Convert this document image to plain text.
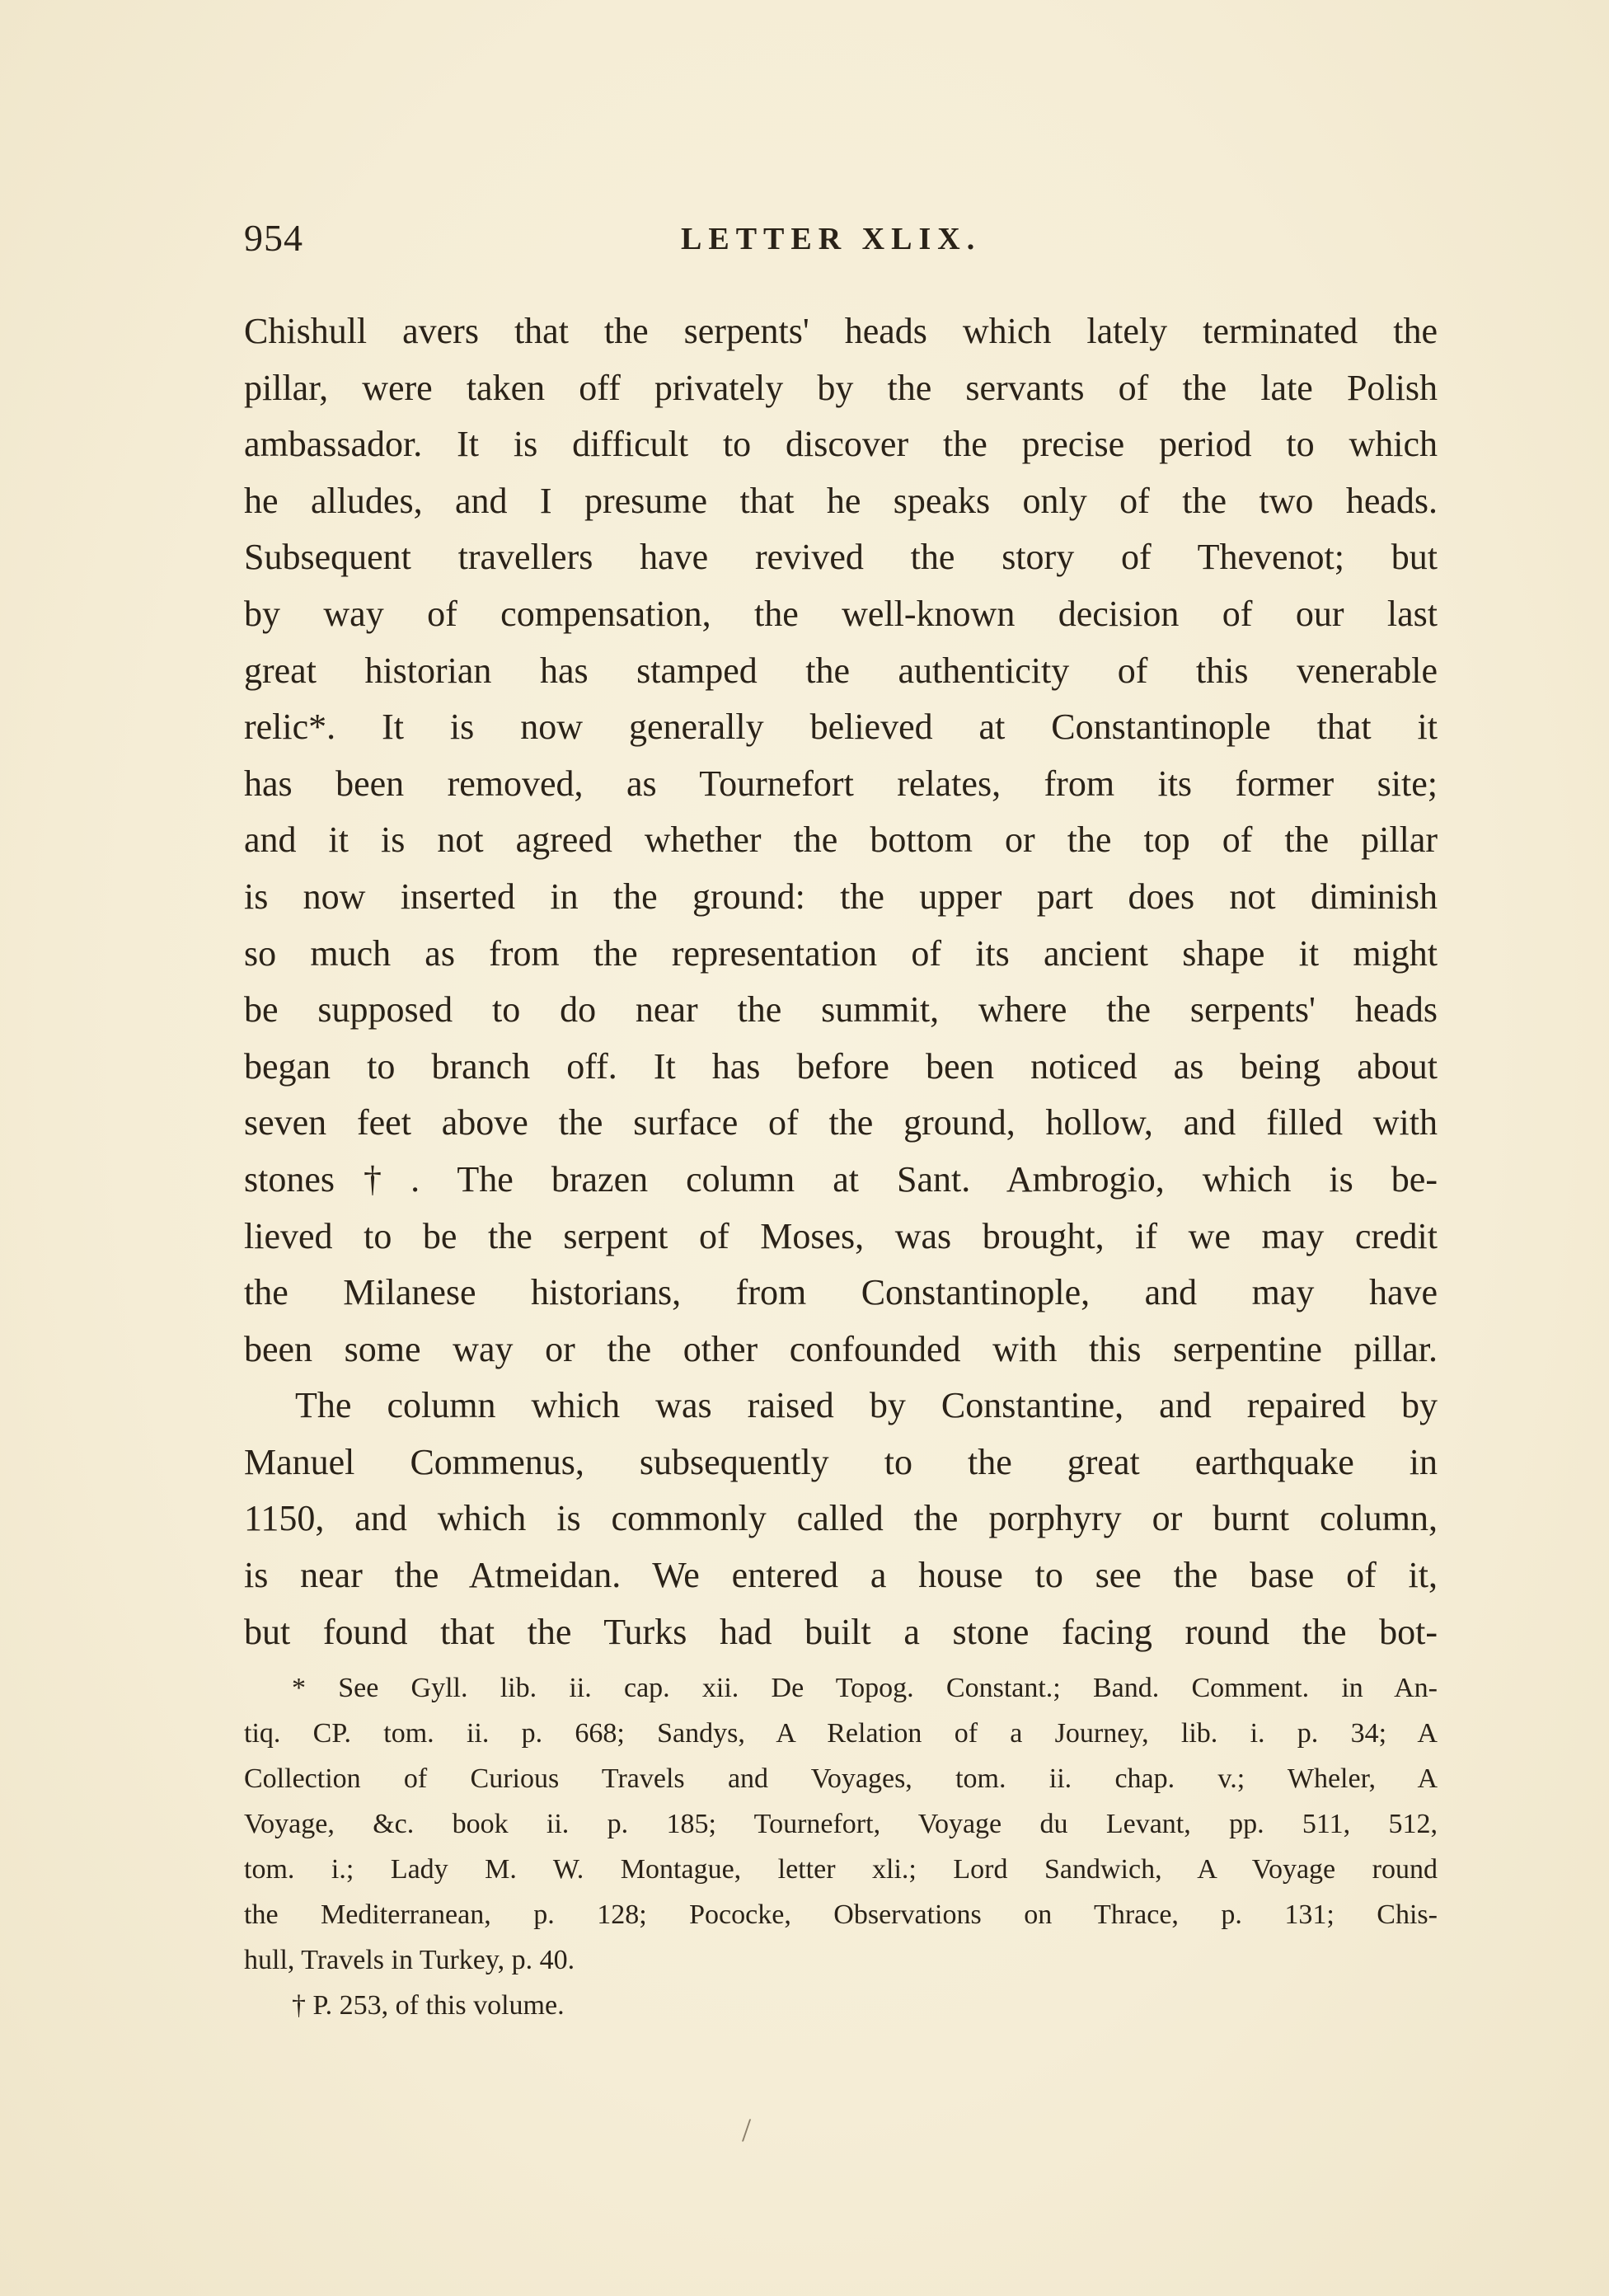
954	LETTER XLIX.
Chishull avers that the serpents' heads which lately terminated the
pillar, were taken off privately by the servants of the late Polish
ambassador. It is difficult to discover the precise period to which
he alludes, and I presume that he speaks only of the two heads.
Subsequent travellers have revived the story of Thevenot; but
by way of compensation, the well-known decision of our last
great historian has stamped the authenticity of this venerable
relic*. It is now generally believed at Constantinople that it
has been removed, as Tournefort relates, from its former site;
and it is not agreed whether the bottom or the top of the pillar
is now inserted in the ground: the upper part does not diminish
so much as from the representation of its ancient shape it might
be supposed to do near the summit, where the serpents' heads
began to branch off. It has before been noticed as being about
seven feet above the surface of the ground, hollow, and filled with
stones†. The brazen column at Sant. Ambrogio, which is be-
lieved to be the serpent of Moses, was brought, if we may credit
the Milanese historians, from Constantinople, and may have
been some way or the other confounded with this serpentine pillar.
The column which was raised by Constantine, and repaired by
Manuel Commenus, subsequently to the great earthquake in
1150, and which is commonly called the porphyry or burnt column,
is near the Atmeidan. We entered a house to see the base of it,
but found that the Turks had built a stone facing round the bot-
* See Gyll. lib. ii. cap. xii. De Topog. Constant.; Band. Comment. in An-
tiq. CP. tom. ii. p. 668; Sandys, A Relation of a Journey, lib. i. p. 34; A
Collection of Curious Travels and Voyages, tom. ii. chap. v.; Wheler, A
Voyage, &c. book ii. p. 185; Tournefort, Voyage du Levant, pp. 511, 512,
tom. i.; Lady M. W. Montague, letter xli.; Lord Sandwich, A Voyage round
the Mediterranean, p. 128; Pococke, Observations on Thrace, p. 131; Chis-
hull, Travels in Turkey, p. 40.
† P. 253, of this volume.
/
